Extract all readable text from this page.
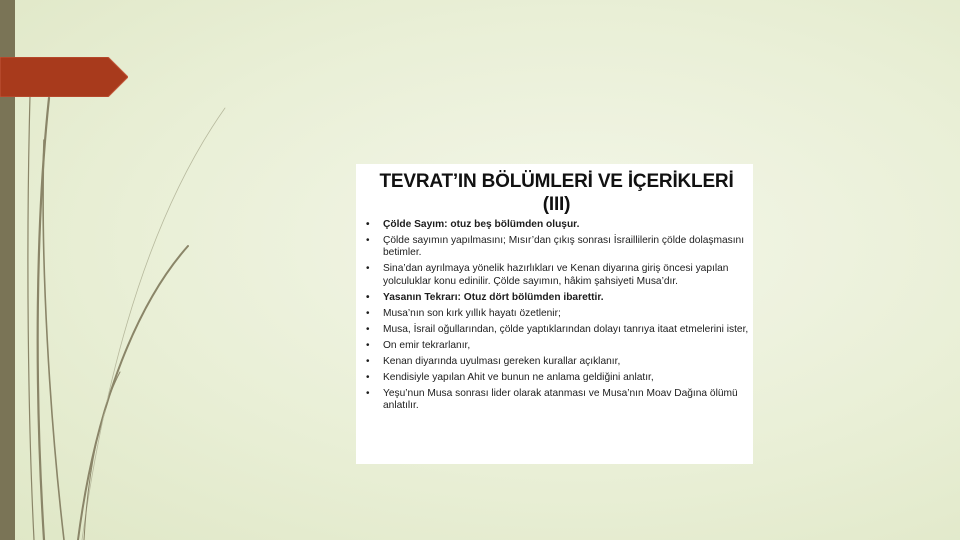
TEVRAT’IN BÖLÜMLERİ VE İÇERİKLERİ
(III)
• Çölde Sayım: otuz beş bölümden oluşur.
• Çölde sayımın yapılmasını; Mısır’dan çıkış sonrası İsraillilerin çölde dolaşmasını betimler.
• Sina’dan ayrılmaya yönelik hazırlıkları ve Kenan diyarına giriş öncesi yapılan yolculuklar konu edinilir. Çölde sayımın, hâkim şahsiyeti Musa’dır.
• Yasanın Tekrarı: Otuz dört bölümden ibarettir.
• Musa’nın son kırk yıllık hayatı özetlenir;
• Musa, İsrail oğullarından, çölde yaptıklarından dolayı tanrıya itaat etmelerini ister,
• On emir tekrarlanır,
• Kenan diyarında uyulması gereken kurallar açıklanır,
• Kendisiyle yapılan Ahit ve bunun ne anlama geldiğini anlatır,
• Yeşu’nun Musa sonrası lider olarak atanması ve Musa’nın Moav Dağına ölümü anlatılır.
